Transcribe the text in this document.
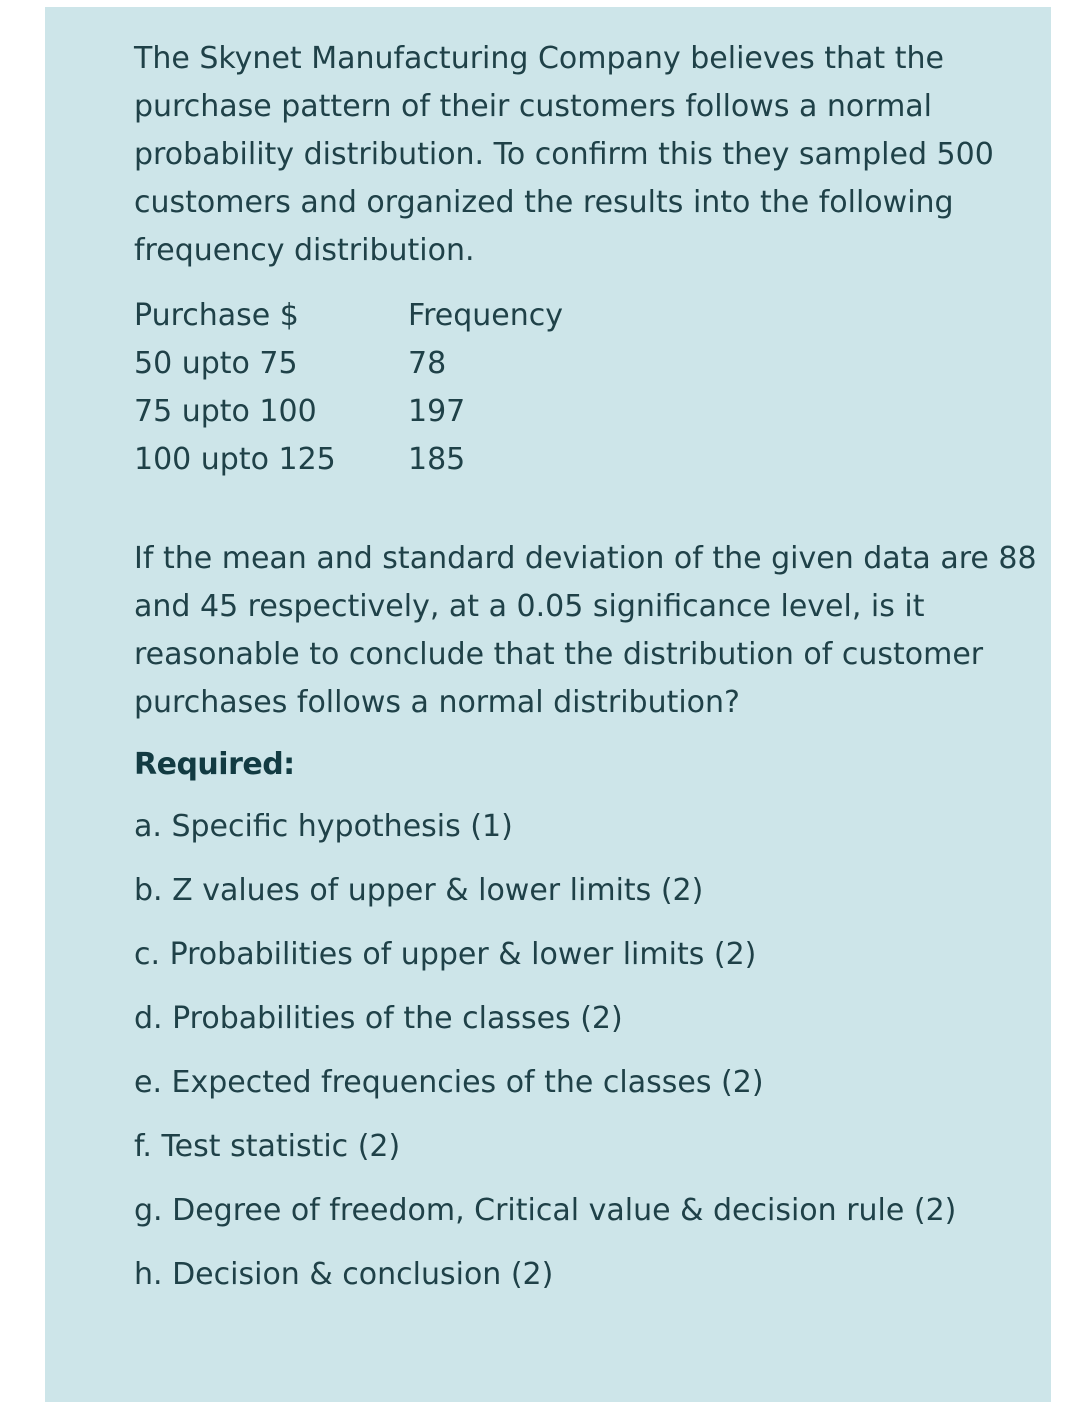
The Skynet Manufacturing Company believes that the purchase pattern of their customers follows a normal probability distribution. To confirm this they sampled 500 customers and organized the results into the following frequency distribution.

Purchase $	Frequency
50 upto 75	78
75 upto 100	197
100 upto 125	185

If the mean and standard deviation of the given data are 88 and 45 respectively, at a 0.05 significance level, is it reasonable to conclude that the distribution of customer purchases follows a normal distribution?

Required:
a. Specific hypothesis (1)
b. Z values of upper & lower limits (2)
c. Probabilities of upper & lower limits (2)
d. Probabilities of the classes (2)
e. Expected frequencies of the classes (2)
f. Test statistic (2)
g. Degree of freedom, Critical value & decision rule (2)
h. Decision & conclusion (2)
